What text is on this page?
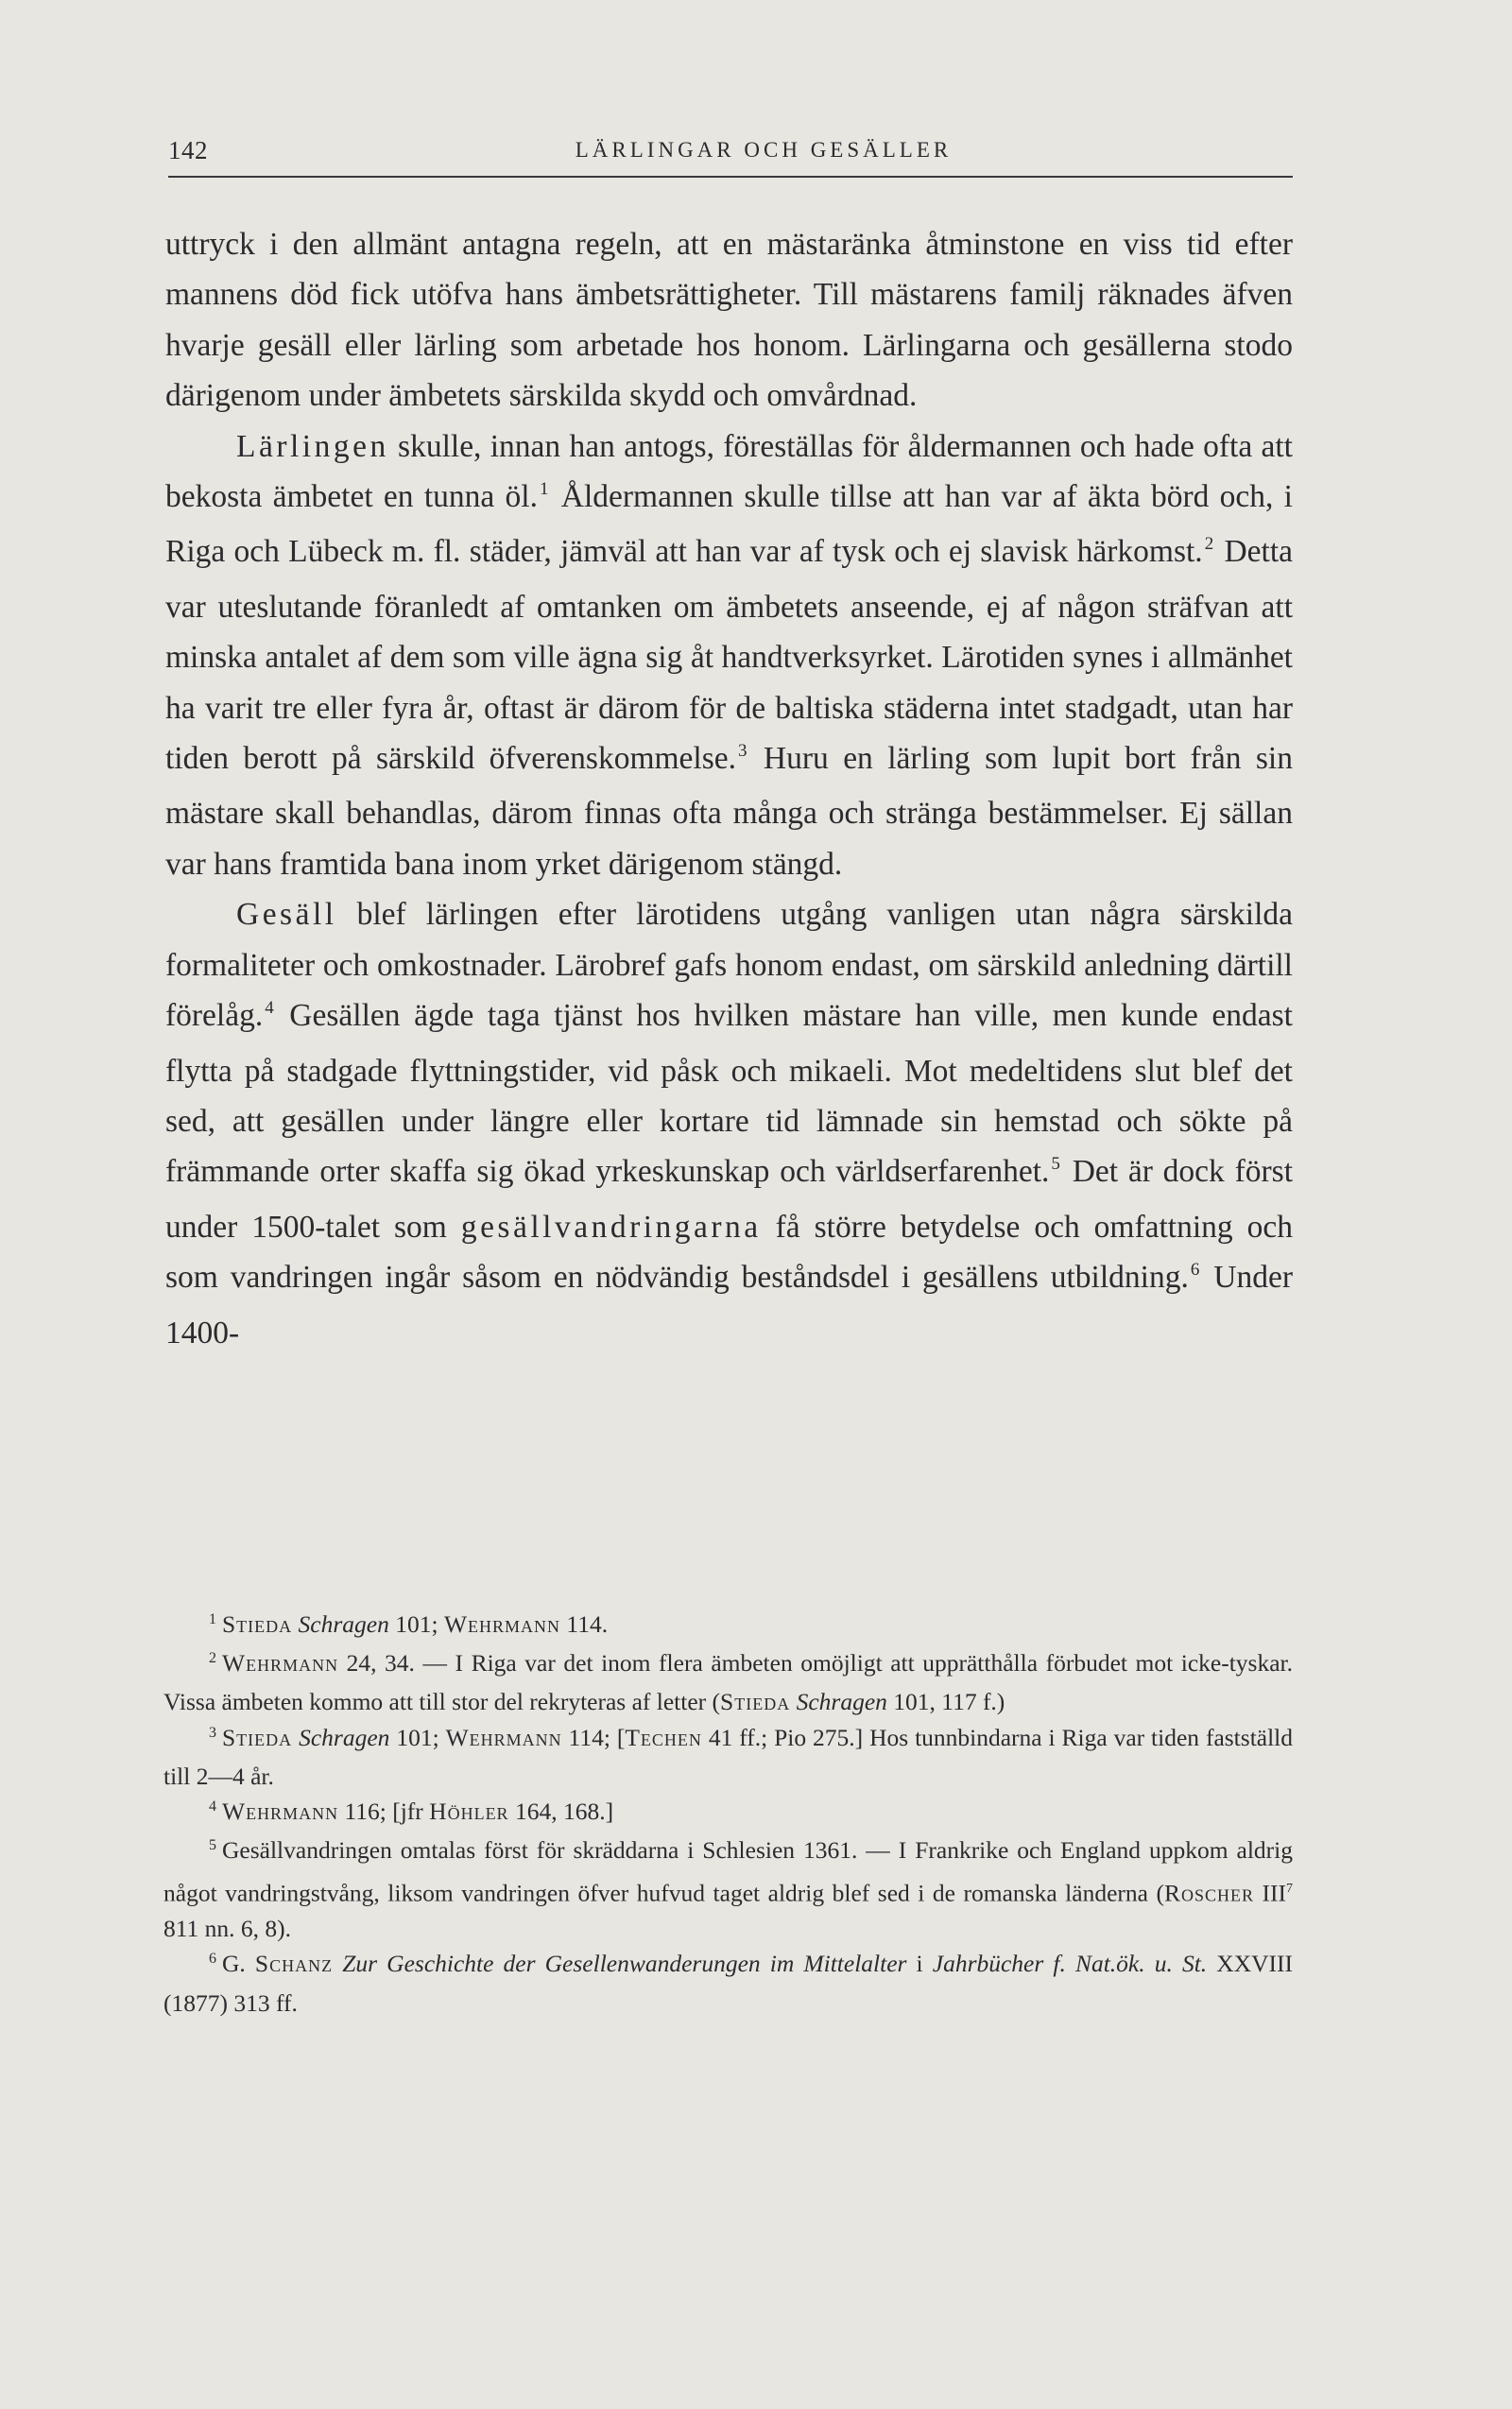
142	LÄRLINGAR OCH GESÄLLER

uttryck i den allmänt antagna regeln, att en mästaränka åtminstone en viss tid efter mannens död fick utöfva hans ämbetsrättigheter. Till mästarens familj räknades äfven hvarje gesäll eller lärling som arbetade hos honom. Lärlingarna och gesällerna stodo därigenom under ämbetets särskilda skydd och omvårdnad.

Lärlingen skulle, innan han antogs, föreställas för åldermannen och hade ofta att bekosta ämbetet en tunna öl. $^1$ Åldermannen skulle tillse att han var af äkta börd och, i Riga och Lübeck m. fl. städer, jämväl att han var af tysk och ej slavisk härkomst. $^2$ Detta var uteslutande föranledt af omtanken om ämbetets anseende, ej af någon sträfvan att minska antalet af dem som ville ägna sig åt handtverksyrket. Lärotiden synes i allmänhet ha varit tre eller fyra år, oftast är därom för de baltiska städerna intet stadgadt, utan har tiden berott på särskild öfverenskommelse. $^3$ Huru en lärling som lupit bort från sin mästare skall behandlas, därom finnas ofta många och stränga bestämmelser. Ej sällan var hans framtida bana inom yrket därigenom stängd.

Gesäll blef lärlingen efter lärotidens utgång vanligen utan några särskilda formaliteter och omkostnader. Lärobref gafs honom endast, om särskild anledning därtill förelåg. $^4$ Gesällen ägde taga tjänst hos hvilken mästare han ville, men kunde endast flytta på stadgade flyttningstider, vid påsk och mikaeli. Mot medeltidens slut blef det sed, att gesällen under längre eller kortare tid lämnade sin hemstad och sökte på främmande orter skaffa sig ökad yrkeskunskap och världserfarenhet. $^5$ Det är dock först under 1500-talet som gesällvandringarna få större betydelse och omfattning och som vandringen ingår såsom en nödvändig beståndsdel i gesällens utbildning. $^6$ Under 1400-

$^1$ Stieda Schragen 101; Wehrmann 114.

$^2$ Wehrmann 24, 34. — I Riga var det inom flera ämbeten omöjligt att upprätthålla förbudet mot icke-tyskar. Vissa ämbeten kommo att till stor del rekryteras af letter (Stieda Schragen 101, 117 f.)

$^3$ Stieda Schragen 101; Wehrmann 114; [Techen 41 ff.; Pio 275.] Hos tunnbindarna i Riga var tiden fastställd till 2—4 år.

$^4$ Wehrmann 116; [jfr Höhler 164, 168.]

$^5$ Gesällvandringen omtalas först för skräddarna i Schlesien 1361. — I Frankrike och England uppkom aldrig något vandringstvång, liksom vandringen öfver hufvud taget aldrig blef sed i de romanska länderna (Roscher III$^7$ 811 nn. 6, 8).

$^6$ G. Schanz Zur Geschichte der Gesellenwanderungen im Mittelalter i Jahrbücher f. Nat.ök. u. St. XXVIII (1877) 313 ff.
